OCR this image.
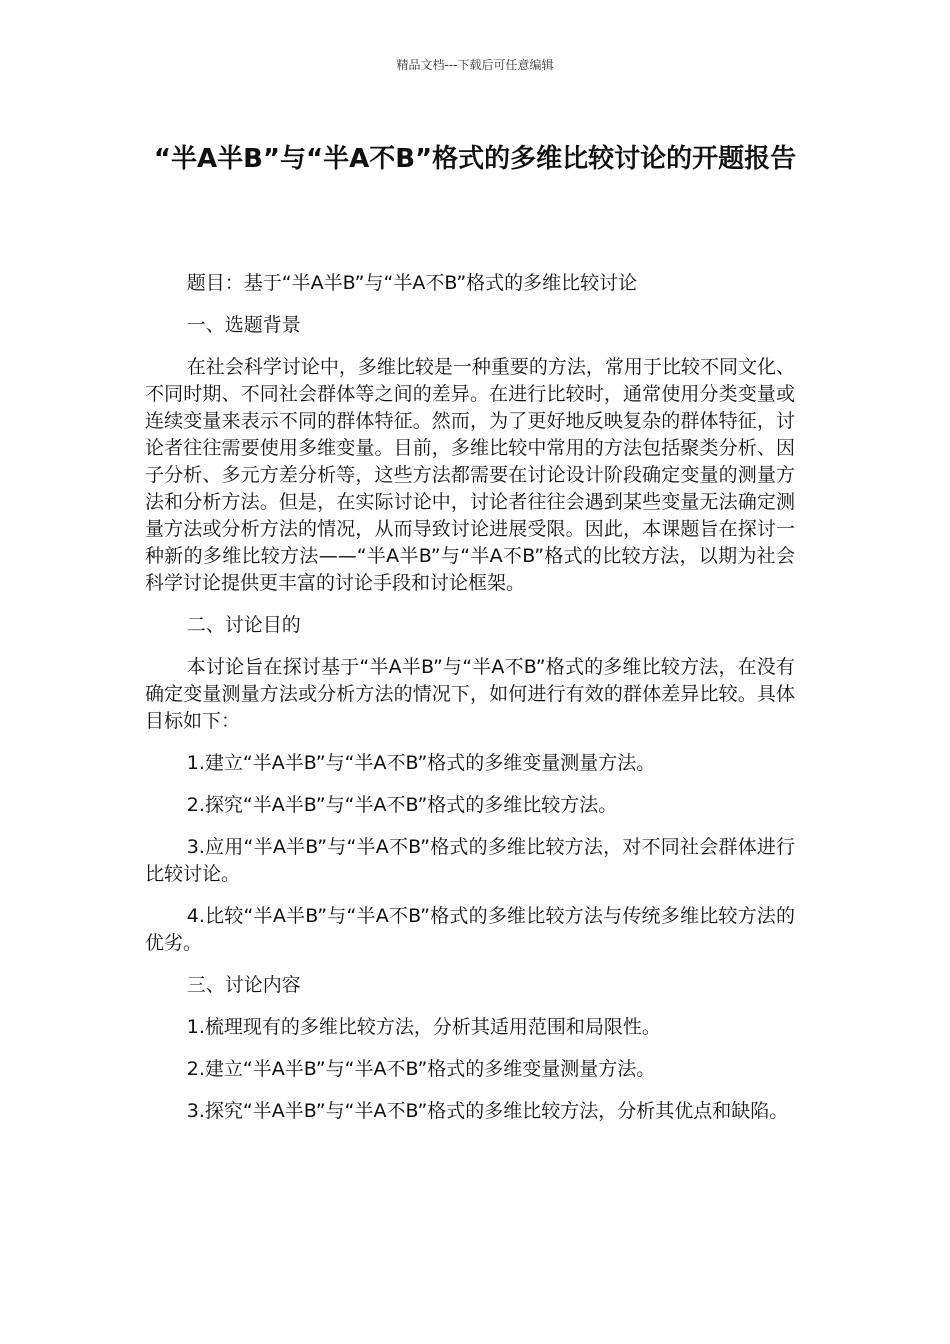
精品文档---下载后可任意编辑
“半A半B”与“半A不B”格式的多维比较讨论的开题报告

题目：基于“半A半B”与“半A不B”格式的多维比较讨论

一、选题背景

在社会科学讨论中，多维比较是一种重要的方法，常用于比较不同文化、不同时期、不同社会群体等之间的差异。在进行比较时，通常使用分类变量或连续变量来表示不同的群体特征。然而，为了更好地反映复杂的群体特征，讨论者往往需要使用多维变量。目前，多维比较中常用的方法包括聚类分析、因子分析、多元方差分析等，这些方法都需要在讨论设计阶段确定变量的测量方法和分析方法。但是，在实际讨论中，讨论者往往会遇到某些变量无法确定测量方法或分析方法的情况，从而导致讨论进展受限。因此，本课题旨在探讨一种新的多维比较方法——“半A半B”与“半A不B”格式的比较方法，以期为社会科学讨论提供更丰富的讨论手段和讨论框架。

二、讨论目的

本讨论旨在探讨基于“半A半B”与“半A不B”格式的多维比较方法，在没有确定变量测量方法或分析方法的情况下，如何进行有效的群体差异比较。具体目标如下：

1.建立“半A半B”与“半A不B”格式的多维变量测量方法。

2.探究“半A半B”与“半A不B”格式的多维比较方法。

3.应用“半A半B”与“半A不B”格式的多维比较方法，对不同社会群体进行比较讨论。

4.比较“半A半B”与“半A不B”格式的多维比较方法与传统多维比较方法的优劣。

三、讨论内容

1.梳理现有的多维比较方法，分析其适用范围和局限性。

2.建立“半A半B”与“半A不B”格式的多维变量测量方法。

3.探究“半A半B”与“半A不B”格式的多维比较方法，分析其优点和缺陷。
